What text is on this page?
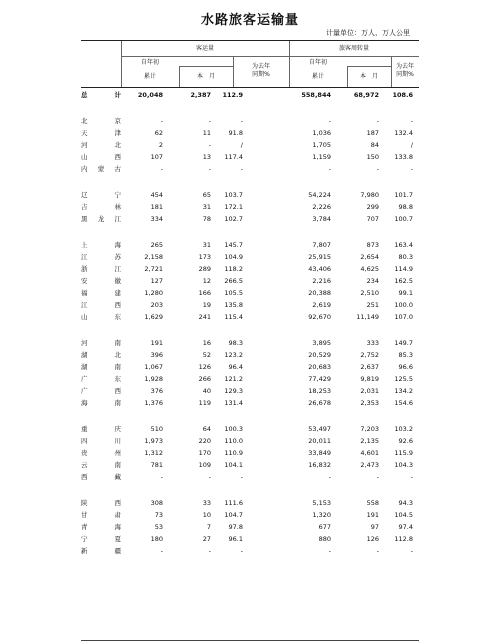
水路旅客运输量
计量单位：万人、万人公里
客运量	旅客周转量
自年初
累计	本　月
为去年
同期%
自年初
累计	本　月
为去年
同期%
总计	20,048	2,387 112.9	558,844	68,972 108.6
北京	-	-	-	-	-	-
天津	62	11	91.8	1,036	187 132.4
河北	2	-	/	1,705	84	/
山西	107	13 117.4	1,159	150 133.8
内蒙古	-	-	-	-	-	-
辽宁	454	65 103.7	54,224	7,980 101.7
吉林	181	31 172.1	2,226	299	98.8
黑龙江	334	78 102.7	3,784	707 100.7
上海	265	31 145.7	7,807	873 163.4
江苏	2,158	173 104.9	25,915	2,654	80.3
浙江	2,721	289 118.2	43,406	4,625 114.9
安徽	127	12 266.5	2,216	234 162.5
福建	1,280	166 105.5	20,388	2,510	99.1
江西	203	19 135.8	2,619	251 100.0
山东	1,629	241 115.4	92,670	11,149 107.0
河南	191	16	98.3	3,895	333 149.7
湖北	396	52 123.2	20,529	2,752	85.3
湖南	1,067	126	96.4	20,683	2,637	96.6
广东	1,928	266 121.2	77,429	9,819 125.5
广西	376	40 129.3	18,253	2,031 134.2
海南	1,376	119 131.4	26,678	2,353 154.6
重庆	510	64 100.3	53,497	7,203 103.2
四川	1,973	220 110.0	20,011	2,135	92.6
贵州	1,312	170 110.9	33,849	4,601 115.9
云南	781	109 104.1	16,832	2,473 104.3
西藏	-	-	-	-	-	-
陕西	308	33 111.6	5,153	558	94.3
甘肃	73	10 104.7	1,320	191 104.5
青海	53	7	97.8	677	97	97.4
宁夏	180	27	96.1	880	126 112.8
新疆	-	-	-	-	-	-
